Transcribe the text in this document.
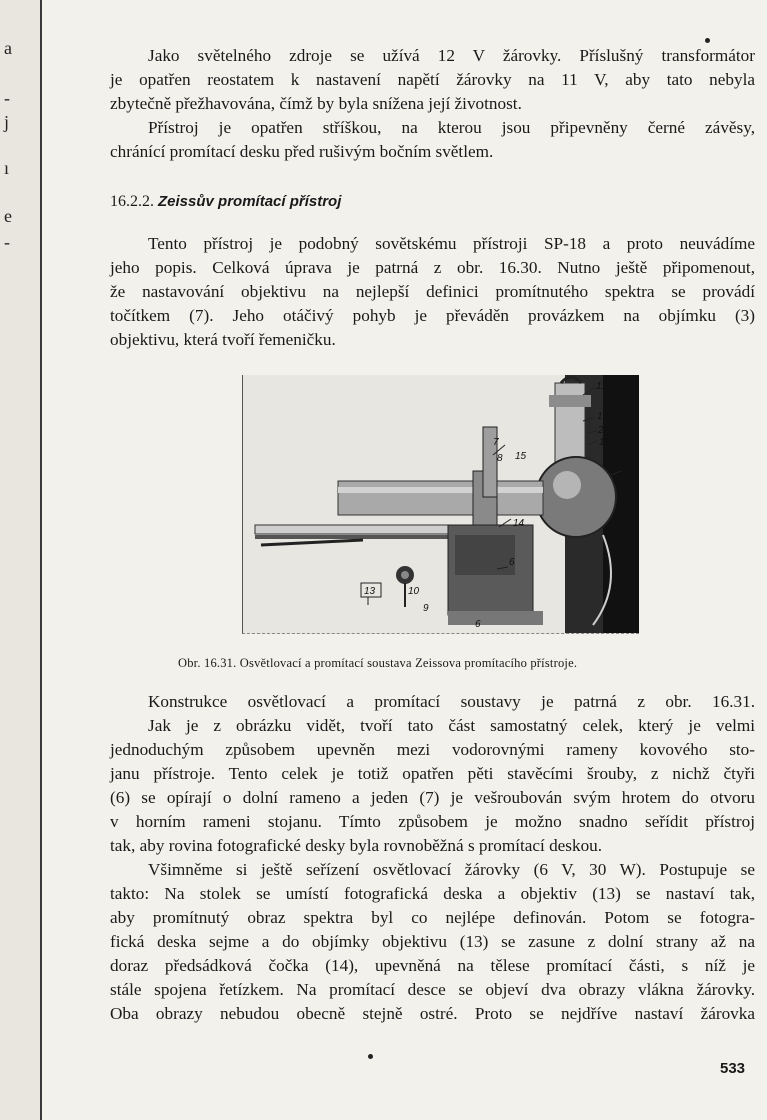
a
-
j
ı
e
-
Jako světelného zdroje se užívá 12 V žárovky. Příslušný transformátor
je opatřen reostatem k nastavení napětí žárovky na 11 V, aby tato nebyla
zbytečně přežhavována, čímž by byla snížena její životnost.
Přístroj je opatřen stříškou, na kterou jsou připevněny černé závěsy,
chránící promítací desku před rušivým bočním světlem.
16.2.2. Zeissův promítací přístroj
Tento přístroj je podobný sovětskému přístroji SP-18 a proto neuvádíme
jeho popis. Celková úprava je patrná z obr. 16.30. Nutno ještě připomenout,
že nastavování objektivu na nejlepší definici promítnutého spektra se provádí
točítkem (7). Jeho otáčivý pohyb je převáděn provázkem na objímku (3)
objektivu, která tvoří řemeničku.
11
17
21
16
22
7
8 15
14
6
13	10
9
6
Obr. 16.31. Osvětlovací a promítací soustava Zeissova promítacího přístroje.
Konstrukce osvětlovací a promítací soustavy je patrná z obr. 16.31.
Jak je z obrázku vidět, tvoří tato část samostatný celek, který je velmi
jednoduchým způsobem upevněn mezi vodorovnými rameny kovového sto-
janu přístroje. Tento celek je totiž opatřen pěti stavěcími šrouby, z nichž čtyři
(6) se opírají o dolní rameno a jeden (7) je vešroubován svým hrotem do otvoru
v horním rameni stojanu. Tímto způsobem je možno snadno seřídit přístroj
tak, aby rovina fotografické desky byla rovnoběžná s promítací deskou.
Všimněme si ještě seřízení osvětlovací žárovky (6 V, 30 W). Postupuje se
takto: Na stolek se umístí fotografická deska a objektiv (13) se nastaví tak,
aby promítnutý obraz spektra byl co nejlépe definován. Potom se fotogra-
fická deska sejme a do objímky objektivu (13) se zasune z dolní strany až na
doraz předsádková čočka (14), upevněná na tělese promítací části, s níž je
stále spojena řetízkem. Na promítací desce se objeví dva obrazy vlákna žárovky.
Oba obrazy nebudou obecně stejně ostré. Proto se nejdříve nastaví žárovka
533
